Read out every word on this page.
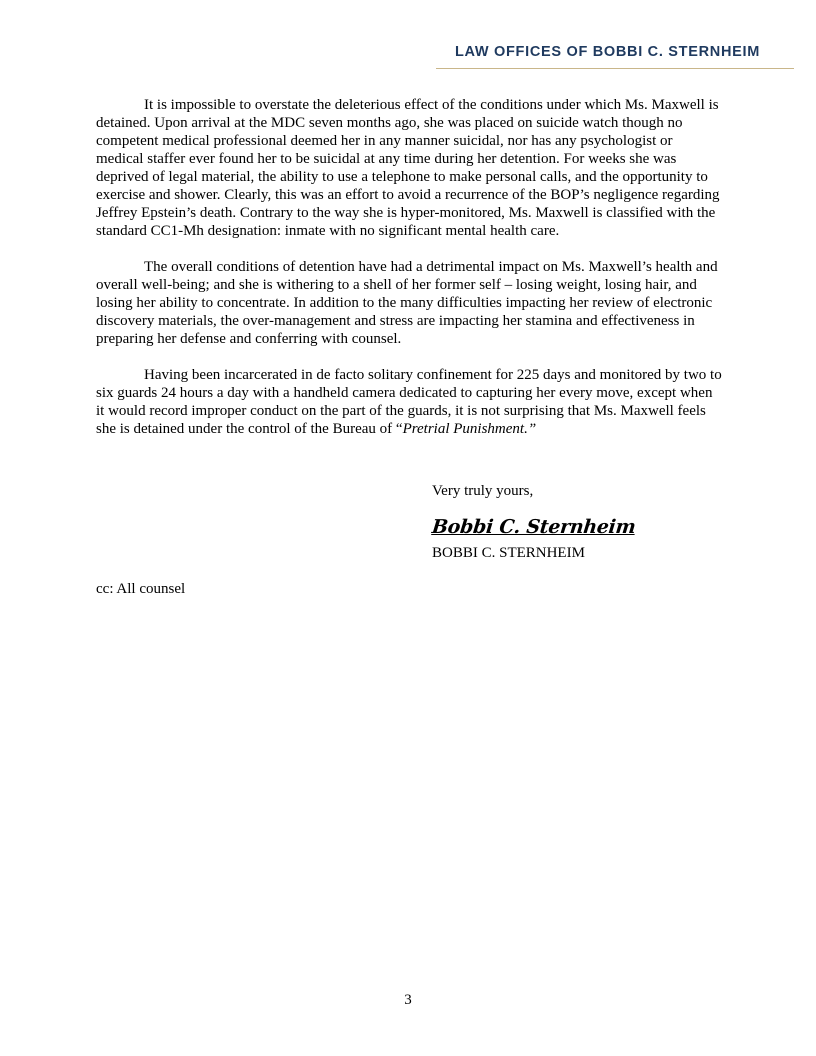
LAW OFFICES OF BOBBI C. STERNHEIM

It is impossible to overstate the deleterious effect of the conditions under which Ms. Maxwell is detained. Upon arrival at the MDC seven months ago, she was placed on suicide watch though no competent medical professional deemed her in any manner suicidal, nor has any psychologist or medical staffer ever found her to be suicidal at any time during her detention. For weeks she was deprived of legal material, the ability to use a telephone to make personal calls, and the opportunity to exercise and shower. Clearly, this was an effort to avoid a recurrence of the BOP’s negligence regarding Jeffrey Epstein’s death. Contrary to the way she is hyper-monitored, Ms. Maxwell is classified with the standard CC1-Mh designation: inmate with no significant mental health care.

The overall conditions of detention have had a detrimental impact on Ms. Maxwell’s health and overall well-being; and she is withering to a shell of her former self – losing weight, losing hair, and losing her ability to concentrate. In addition to the many difficulties impacting her review of electronic discovery materials, the over-management and stress are impacting her stamina and effectiveness in preparing her defense and conferring with counsel.

Having been incarcerated in de facto solitary confinement for 225 days and monitored by two to six guards 24 hours a day with a handheld camera dedicated to capturing her every move, except when it would record improper conduct on the part of the guards, it is not surprising that Ms. Maxwell feels she is detained under the control of the Bureau of “Pretrial Punishment.”

Very truly yours,
Bobbi C. Sternheim
BOBBI C. STERNHEIM
cc: All counsel
3
